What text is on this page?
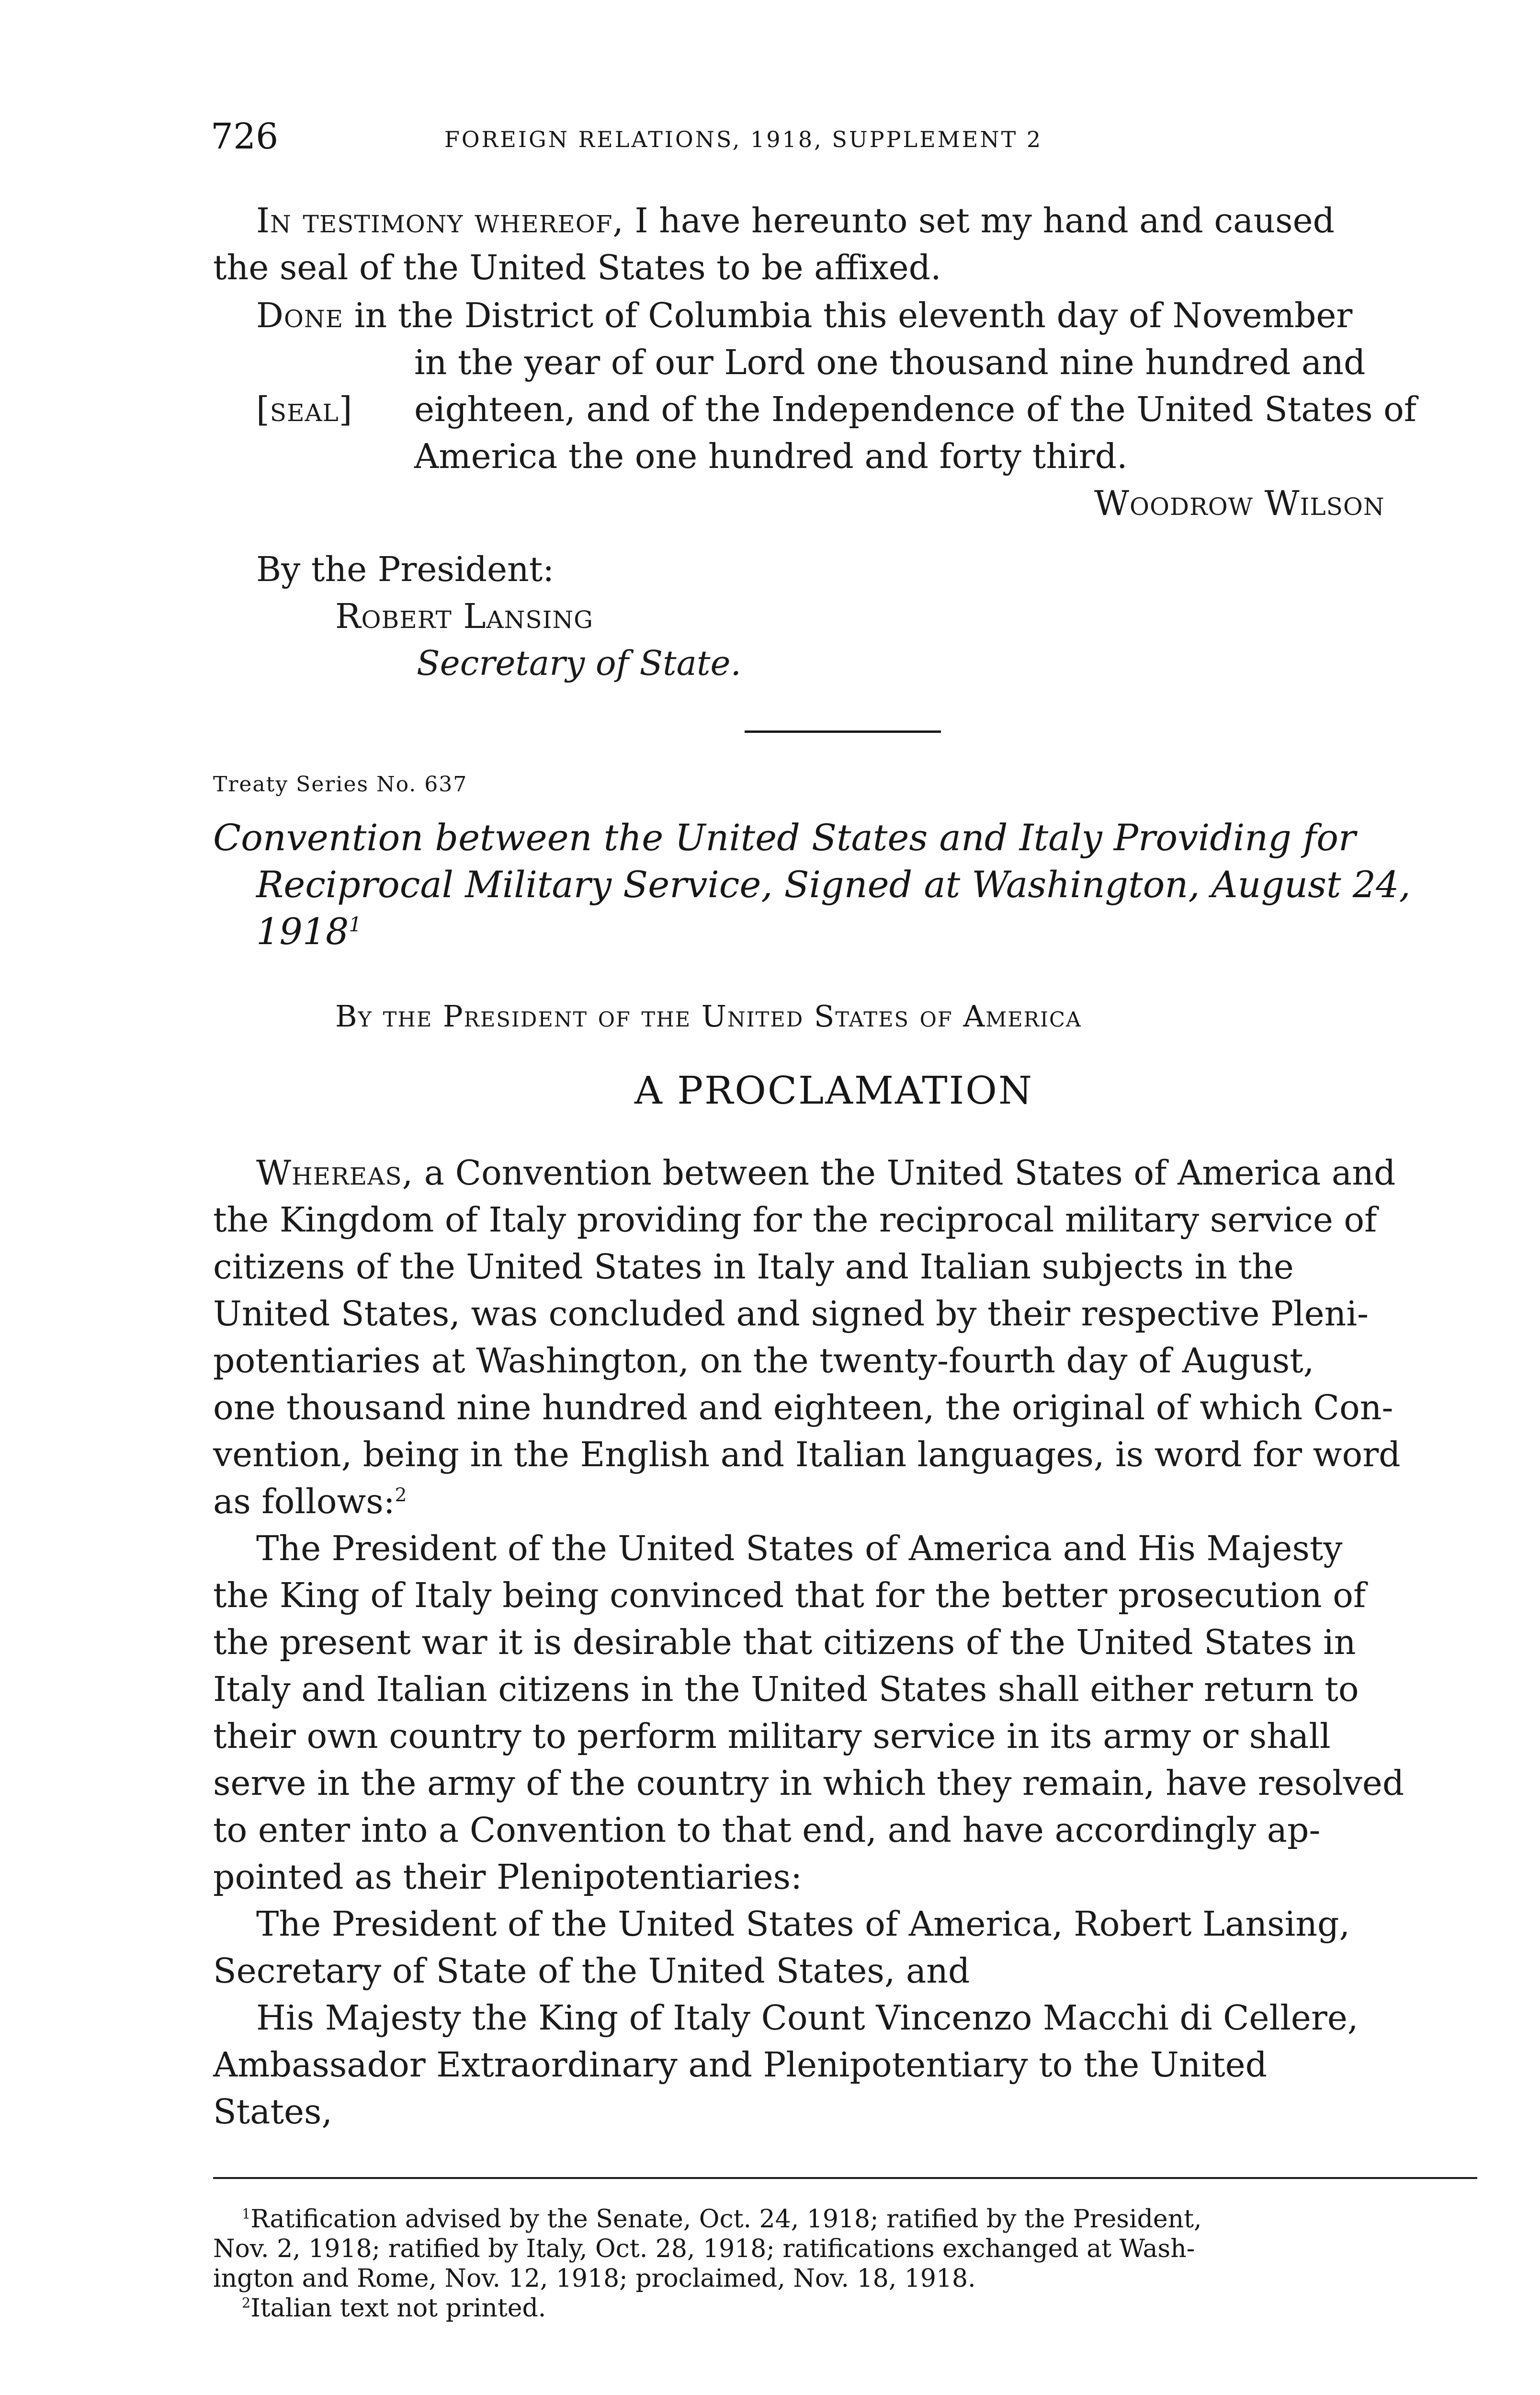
726	FOREIGN RELATIONS, 1918, SUPPLEMENT 2

In testimony whereof, I have hereunto set my hand and caused

the seal of the United States to be affixed.

Done in the District of Columbia this eleventh day of November

in the year of our Lord one thousand nine hundred and

[seal] eighteen, and of the Independence of the United States of

America the one hundred and forty third.

Woodrow Wilson

By the President:

Robert Lansing

Secretary of State.

Treaty Series No. 637

Convention between the United States and Italy Providing for

Reciprocal Military Service, Signed at Washington, August 24,

1918$^1$

By the President of the United States of America
A PROCLAMATION

Whereas, a Convention between the United States of America and

the Kingdom of Italy providing for the reciprocal military service of

citizens of the United States in Italy and Italian subjects in the

United States, was concluded and signed by their respective Pleni-

potentiaries at Washington, on the twenty-fourth day of August,

one thousand nine hundred and eighteen, the original of which Con-

vention, being in the English and Italian languages, is word for word

as follows:$^2$

The President of the United States of America and His Majesty

the King of Italy being convinced that for the better prosecution of

the present war it is desirable that citizens of the United States in

Italy and Italian citizens in the United States shall either return to

their own country to perform military service in its army or shall

serve in the army of the country in which they remain, have resolved

to enter into a Convention to that end, and have accordingly ap-

pointed as their Plenipotentiaries:

The President of the United States of America, Robert Lansing,

Secretary of State of the United States, and

His Majesty the King of Italy Count Vincenzo Macchi di Cellere,

Ambassador Extraordinary and Plenipotentiary to the United

States,

$^1$Ratification advised by the Senate, Oct. 24, 1918; ratified by the President,

Nov. 2, 1918; ratified by Italy, Oct. 28, 1918; ratifications exchanged at Wash-

ington and Rome, Nov. 12, 1918; proclaimed, Nov. 18, 1918.

$^2$Italian text not printed.
